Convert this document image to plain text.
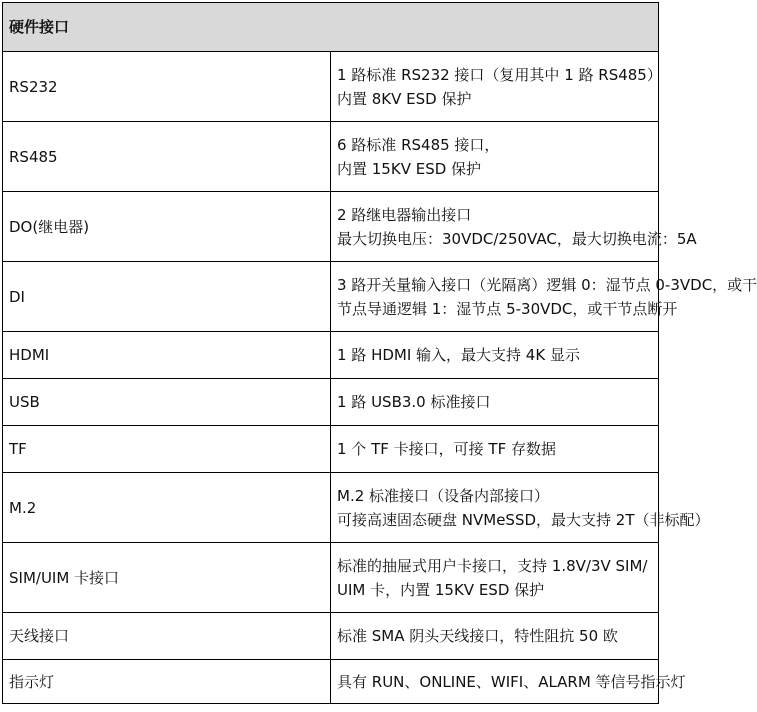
硬件接口	
RS232	1 路标准 RS232 接口（复用其中 1 路 RS485）
内置 8KV ESD 保护

RS485	6 路标准 RS485 接口，
内置 15KV ESD 保护

DO(继电器)	2 路继电器输出接口
最大切换电压：30VDC/250VAC，最大切换电流：5A

DI	3 路开关量输入接口（光隔离）逻辑 0：湿节点 0-3VDC，或干
节点导通逻辑 1：湿节点 5-30VDC，或干节点断开

HDMI	1 路 HDMI 输入，最大支持 4K 显示

USB	1 路 USB3.0 标准接口

TF	1 个 TF 卡接口，可接 TF 存数据

M.2	M.2 标准接口（设备内部接口）
可接高速固态硬盘 NVMeSSD，最大支持 2T（非标配）

SIM/UIM 卡接口	标准的抽屉式用户卡接口，支持 1.8V/3V SIM/UIM 卡，内置 15KV ESD 保护

天线接口	标准 SMA 阴头天线接口，特性阻抗 50 欧

指示灯	具有 RUN、ONLINE、WIFI、ALARM 等信号指示灯
